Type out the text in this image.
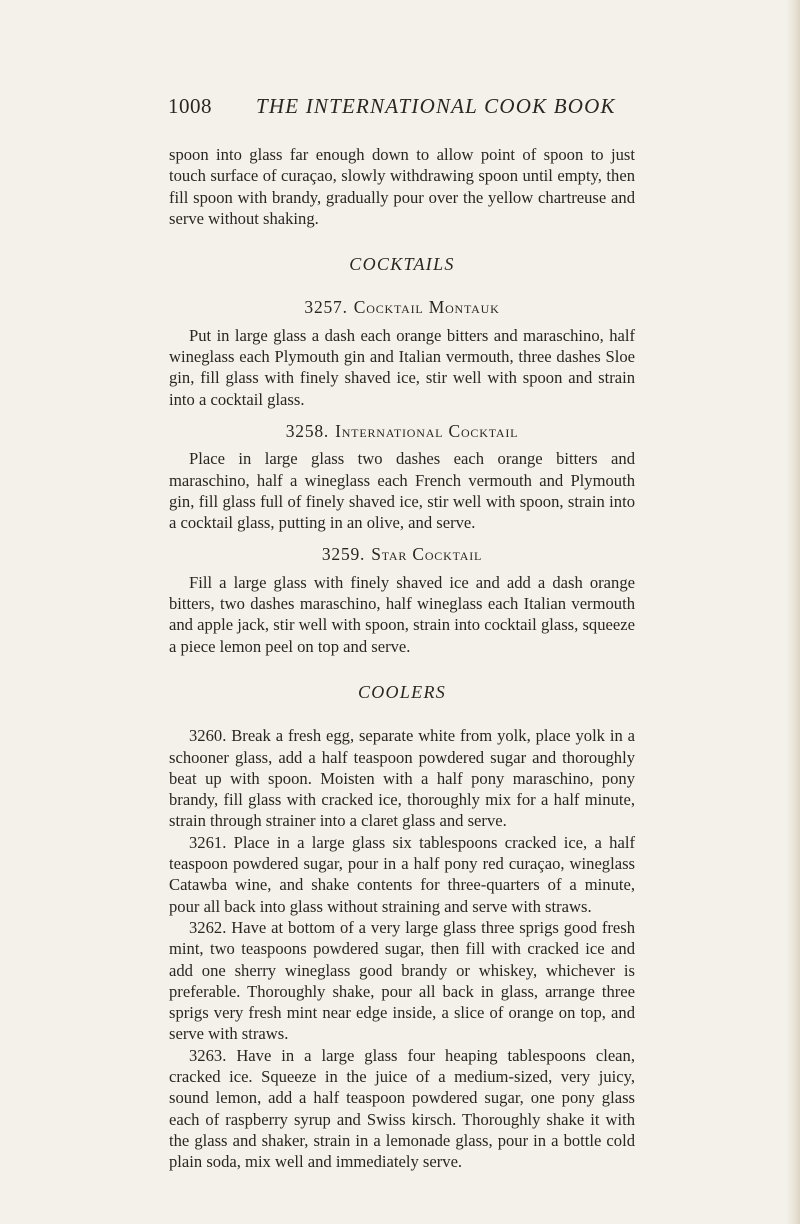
1008 THE INTERNATIONAL COOK BOOK

spoon into glass far enough down to allow point of spoon to just touch surface of curaçao, slowly withdrawing spoon until empty, then fill spoon with brandy, gradually pour over the yellow chartreuse and serve without shaking.

COCKTAILS
3257. Cocktail Montauk

Put in large glass a dash each orange bitters and maraschino, half wineglass each Plymouth gin and Italian vermouth, three dashes Sloe gin, fill glass with finely shaved ice, stir well with spoon and strain into a cocktail glass.

3258. International Cocktail

Place in large glass two dashes each orange bitters and maraschino, half a wineglass each French vermouth and Plymouth gin, fill glass full of finely shaved ice, stir well with spoon, strain into a cocktail glass, putting in an olive, and serve.

3259. Star Cocktail

Fill a large glass with finely shaved ice and add a dash orange bitters, two dashes maraschino, half wineglass each Italian vermouth and apple jack, stir well with spoon, strain into cocktail glass, squeeze a piece lemon peel on top and serve.

COOLERS

3260. Break a fresh egg, separate white from yolk, place yolk in a schooner glass, add a half teaspoon powdered sugar and thoroughly beat up with spoon. Moisten with a half pony maraschino, pony brandy, fill glass with cracked ice, thoroughly mix for a half minute, strain through strainer into a claret glass and serve.

3261. Place in a large glass six tablespoons cracked ice, a half teaspoon powdered sugar, pour in a half pony red curaçao, wineglass Catawba wine, and shake contents for three-quarters of a minute, pour all back into glass without straining and serve with straws.

3262. Have at bottom of a very large glass three sprigs good fresh mint, two teaspoons powdered sugar, then fill with cracked ice and add one sherry wineglass good brandy or whiskey, whichever is preferable. Thoroughly shake, pour all back in glass, arrange three sprigs very fresh mint near edge inside, a slice of orange on top, and serve with straws.

3263. Have in a large glass four heaping tablespoons clean, cracked ice. Squeeze in the juice of a medium-sized, very juicy, sound lemon, add a half teaspoon powdered sugar, one pony glass each of raspberry syrup and Swiss kirsch. Thoroughly shake it with the glass and shaker, strain in a lemonade glass, pour in a bottle cold plain soda, mix well and immediately serve.
